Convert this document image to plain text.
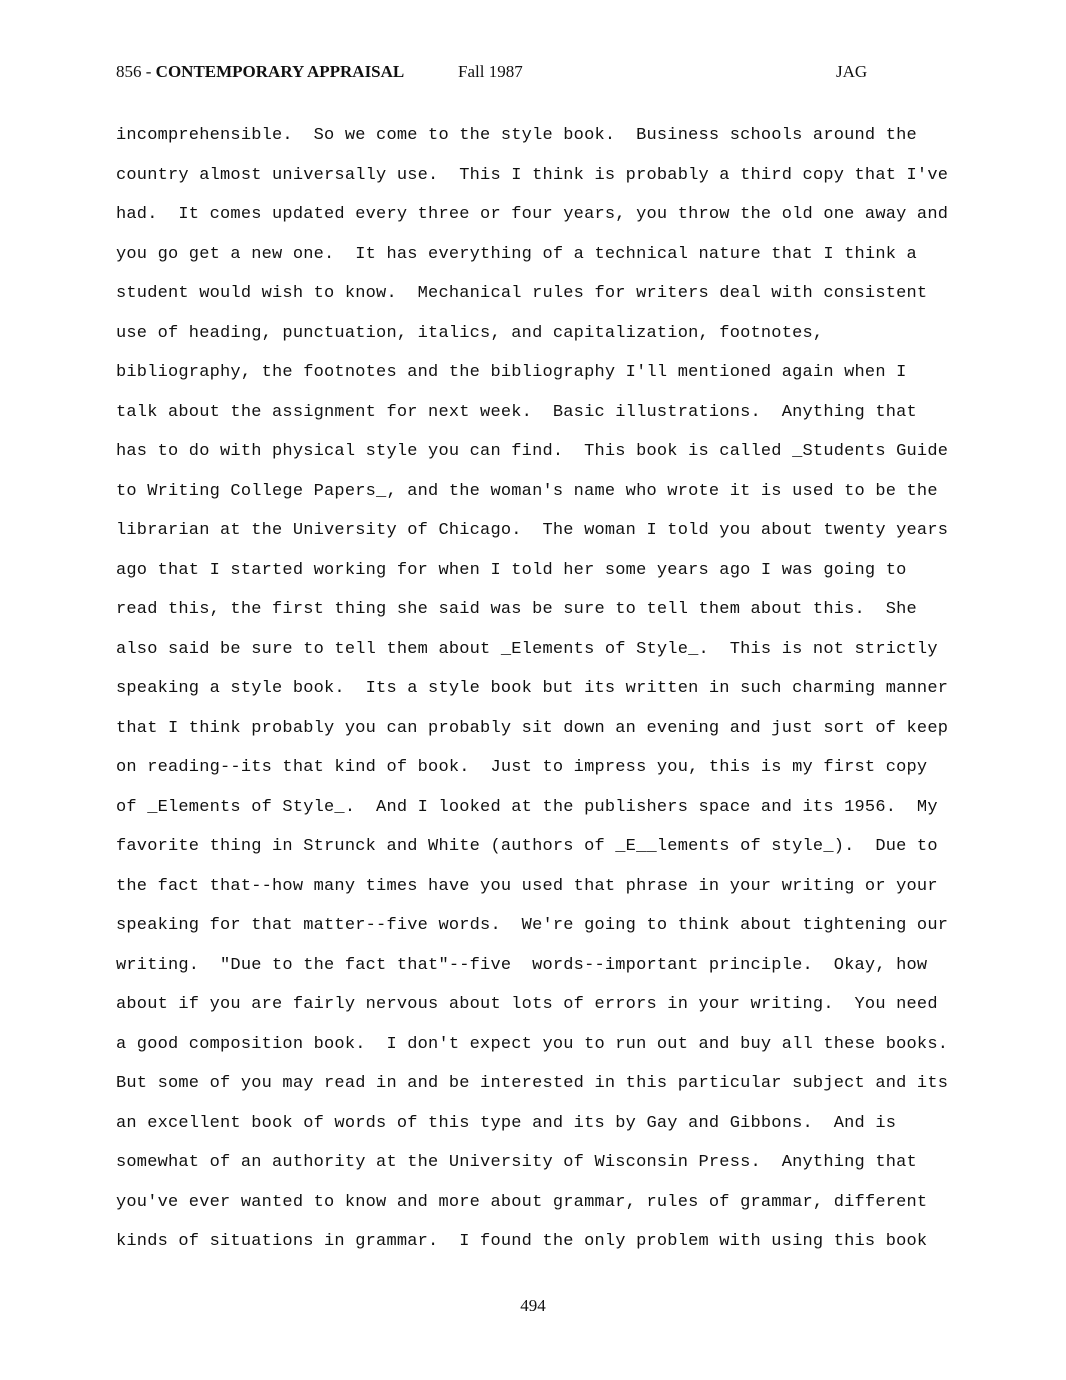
856 - CONTEMPORARY APPRAISAL	Fall 1987	JAG
incomprehensible.  So we come to the style book.  Business schools around the
country almost universally use.  This I think is probably a third copy that I've
had.  It comes updated every three or four years, you throw the old one away and
you go get a new one.  It has everything of a technical nature that I think a
student would wish to know.  Mechanical rules for writers deal with consistent
use of heading, punctuation, italics, and capitalization, footnotes,
bibliography, the footnotes and the bibliography I'll mentioned again when I
talk about the assignment for next week.  Basic illustrations.  Anything that
has to do with physical style you can find.  This book is called _Students Guide
to Writing College Papers_, and the woman's name who wrote it is used to be the
librarian at the University of Chicago.  The woman I told you about twenty years
ago that I started working for when I told her some years ago I was going to
read this, the first thing she said was be sure to tell them about this.  She
also said be sure to tell them about _Elements of Style_.  This is not strictly
speaking a style book.  Its a style book but its written in such charming manner
that I think probably you can probably sit down an evening and just sort of keep
on reading--its that kind of book.  Just to impress you, this is my first copy
of _Elements of Style_.  And I looked at the publishers space and its 1956.  My
favorite thing in Strunck and White (authors of _E__lements of style_).  Due to
the fact that--how many times have you used that phrase in your writing or your
speaking for that matter--five words.  We're going to think about tightening our
writing.  "Due to the fact that"--five  words--important principle.  Okay, how
about if you are fairly nervous about lots of errors in your writing.  You need
a good composition book.  I don't expect you to run out and buy all these books.
But some of you may read in and be interested in this particular subject and its
an excellent book of words of this type and its by Gay and Gibbons.  And is
somewhat of an authority at the University of Wisconsin Press.  Anything that
you've ever wanted to know and more about grammar, rules of grammar, different
kinds of situations in grammar.  I found the only problem with using this book
494
